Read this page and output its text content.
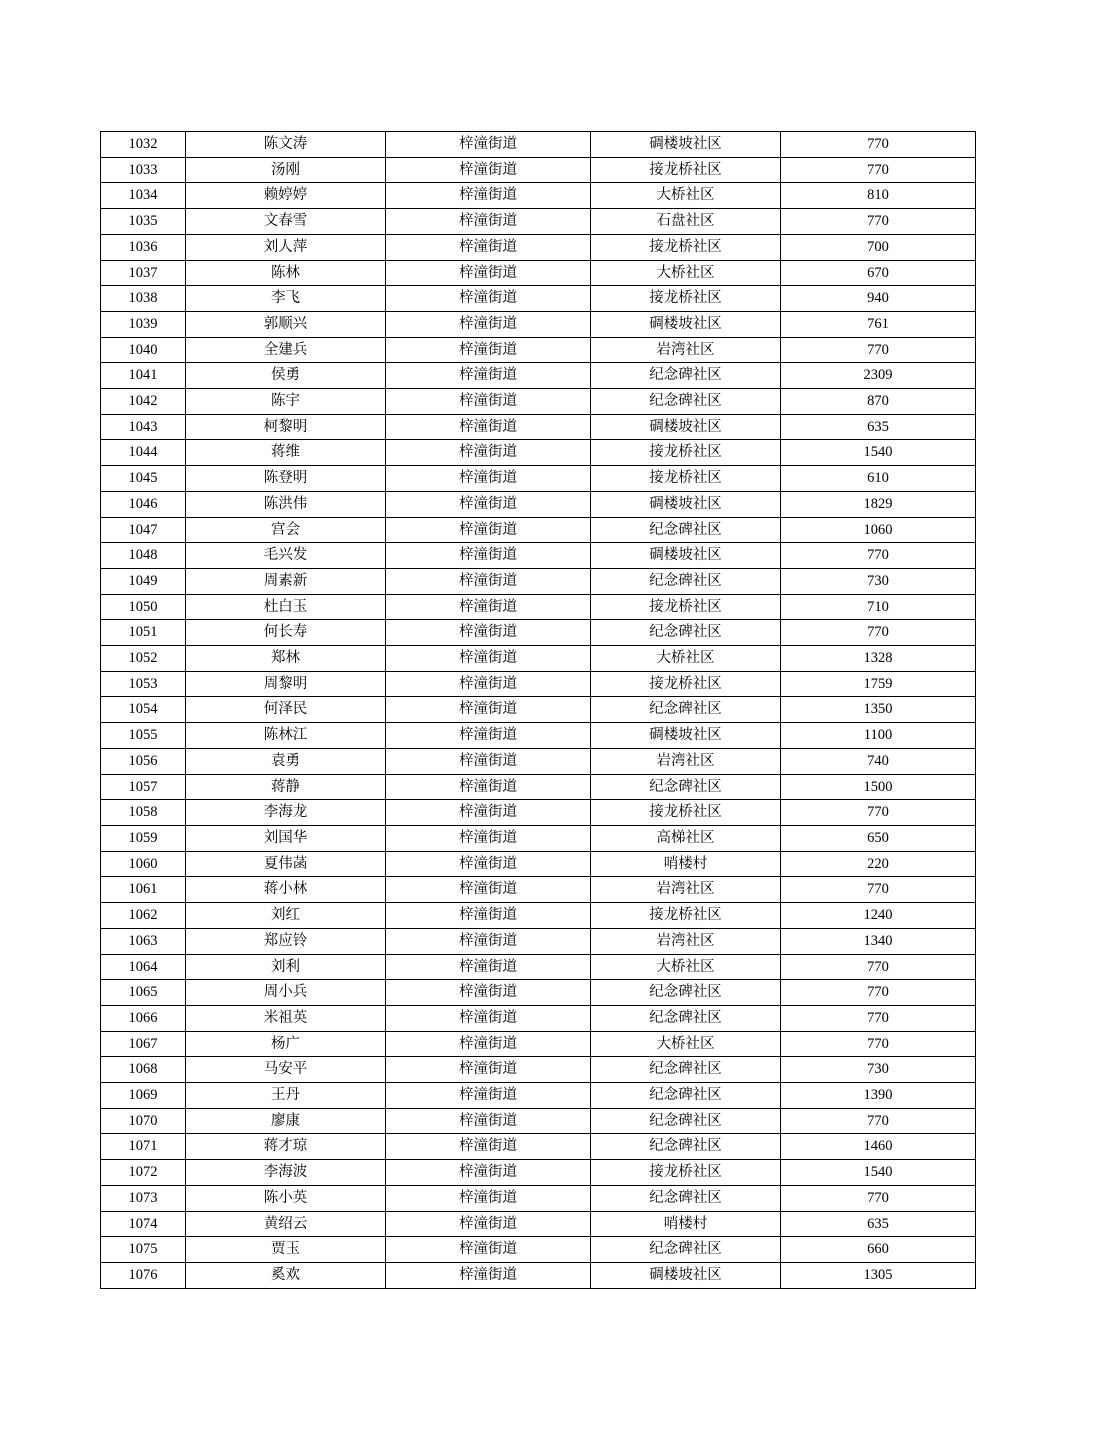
1032	陈文涛	梓潼街道	碉楼坡社区	770
1033	汤刚	梓潼街道	接龙桥社区	770
1034	赖婷婷	梓潼街道	大桥社区	810
1035	文春雪	梓潼街道	石盘社区	770
1036	刘人萍	梓潼街道	接龙桥社区	700
1037	陈林	梓潼街道	大桥社区	670
1038	李飞	梓潼街道	接龙桥社区	940
1039	郭顺兴	梓潼街道	碉楼坡社区	761
1040	全建兵	梓潼街道	岩湾社区	770
1041	侯勇	梓潼街道	纪念碑社区	2309
1042	陈宇	梓潼街道	纪念碑社区	870
1043	柯黎明	梓潼街道	碉楼坡社区	635
1044	蒋维	梓潼街道	接龙桥社区	1540
1045	陈登明	梓潼街道	接龙桥社区	610
1046	陈洪伟	梓潼街道	碉楼坡社区	1829
1047	宫会	梓潼街道	纪念碑社区	1060
1048	毛兴发	梓潼街道	碉楼坡社区	770
1049	周素新	梓潼街道	纪念碑社区	730
1050	杜白玉	梓潼街道	接龙桥社区	710
1051	何长寿	梓潼街道	纪念碑社区	770
1052	郑林	梓潼街道	大桥社区	1328
1053	周黎明	梓潼街道	接龙桥社区	1759
1054	何泽民	梓潼街道	纪念碑社区	1350
1055	陈林江	梓潼街道	碉楼坡社区	1100
1056	袁勇	梓潼街道	岩湾社区	740
1057	蒋静	梓潼街道	纪念碑社区	1500
1058	李海龙	梓潼街道	接龙桥社区	770
1059	刘国华	梓潼街道	高梯社区	650
1060	夏伟菡	梓潼街道	哨楼村	220
1061	蒋小林	梓潼街道	岩湾社区	770
1062	刘红	梓潼街道	接龙桥社区	1240
1063	郑应铃	梓潼街道	岩湾社区	1340
1064	刘利	梓潼街道	大桥社区	770
1065	周小兵	梓潼街道	纪念碑社区	770
1066	米祖英	梓潼街道	纪念碑社区	770
1067	杨广	梓潼街道	大桥社区	770
1068	马安平	梓潼街道	纪念碑社区	730
1069	王丹	梓潼街道	纪念碑社区	1390
1070	廖康	梓潼街道	纪念碑社区	770
1071	蒋才琼	梓潼街道	纪念碑社区	1460
1072	李海波	梓潼街道	接龙桥社区	1540
1073	陈小英	梓潼街道	纪念碑社区	770
1074	黄绍云	梓潼街道	哨楼村	635
1075	贾玉	梓潼街道	纪念碑社区	660
1076	奚欢	梓潼街道	碉楼坡社区	1305
